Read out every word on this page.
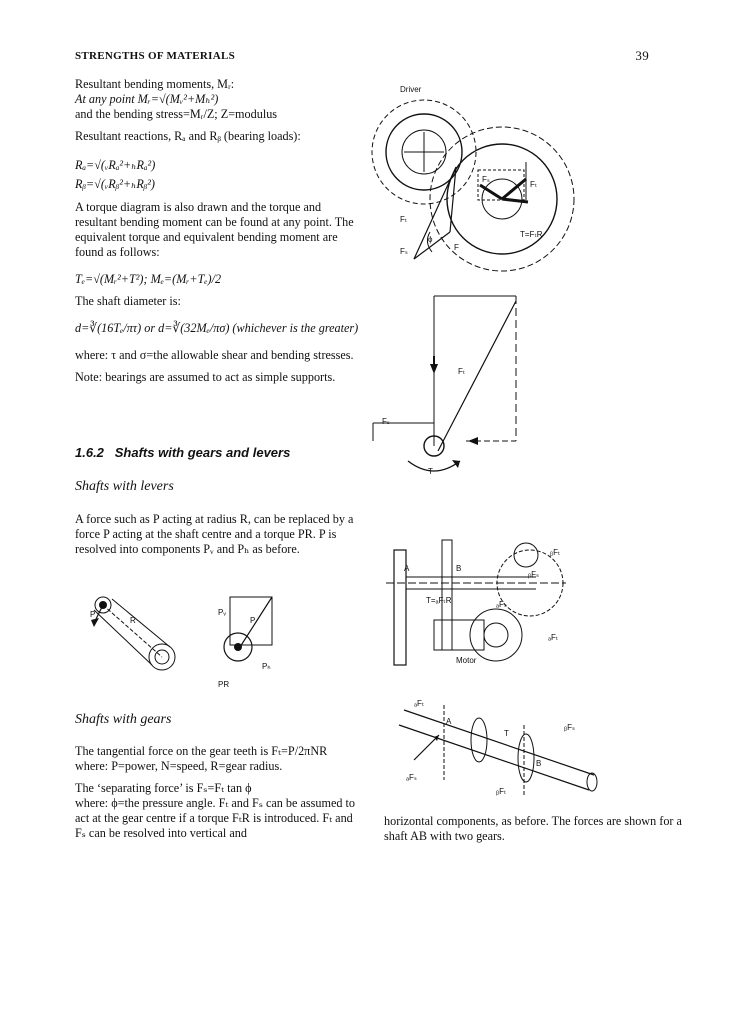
STRENGTHS OF MATERIALS	39

Resultant bending moments, Mᵣ:

At any point Mᵣ=√(Mᵥ²+Mₕ²)

and the bending stress=Mᵣ/Z; Z=modulus

Resultant reactions, Rₐ and Rᵦ (bearing loads):

Rₐ=√(ᵥRₐ²+ₕRₐ²)

Rᵦ=√(ᵥRᵦ²+ₕRᵦ²)

A torque diagram is also drawn and the torque and resultant bending moment can be found at any point. The equivalent torque and equivalent bending moment are found as follows:

Tₑ=√(Mᵣ²+T²); Mₑ=(Mᵣ+Tₑ)/2

The shaft diameter is:

d=∛(16Tₑ/πτ) or d=∛(32Mₑ/πσ) (whichever is the greater)

where: τ and σ=the allowable shear and bending stresses.

Note: bearings are assumed to act as simple supports.

1.6.2 Shafts with gears and levers
Shafts with levers
A force such as P acting at radius R, can be replaced by a force P acting at the shaft centre and a torque PR. P is resolved into components Pᵥ and Pₕ as before.
Shafts with gears

The tangential force on the gear teeth is Fₜ=P/2πNR

where: P=power, N=speed, R=gear radius.

The ‘separating force’ is Fₛ=Fₜ tan ϕ

where: ϕ=the pressure angle. Fₜ and Fₛ can be assumed to act at the gear centre if a torque FₜR is introduced. Fₜ and Fₛ can be resolved into vertical and

horizontal components, as before. The forces are shown for a shaft AB with two gears.
Driver
Fₜ
Fₛ
T=FₜR
Fₜ
Fₛ	F
ϕ
Fₜ
Fₛ
T
P
R
Pᵥ
P
Pₕ
PR
A	B
T=ₐFₜR
Motor
ᵦFₜ
ᵦFₛ
ₐFₛ
ₐFₜ
ₐFₜ
A
T
ᵦFₛ
ₐFₛ
ᵦFₜ
B
